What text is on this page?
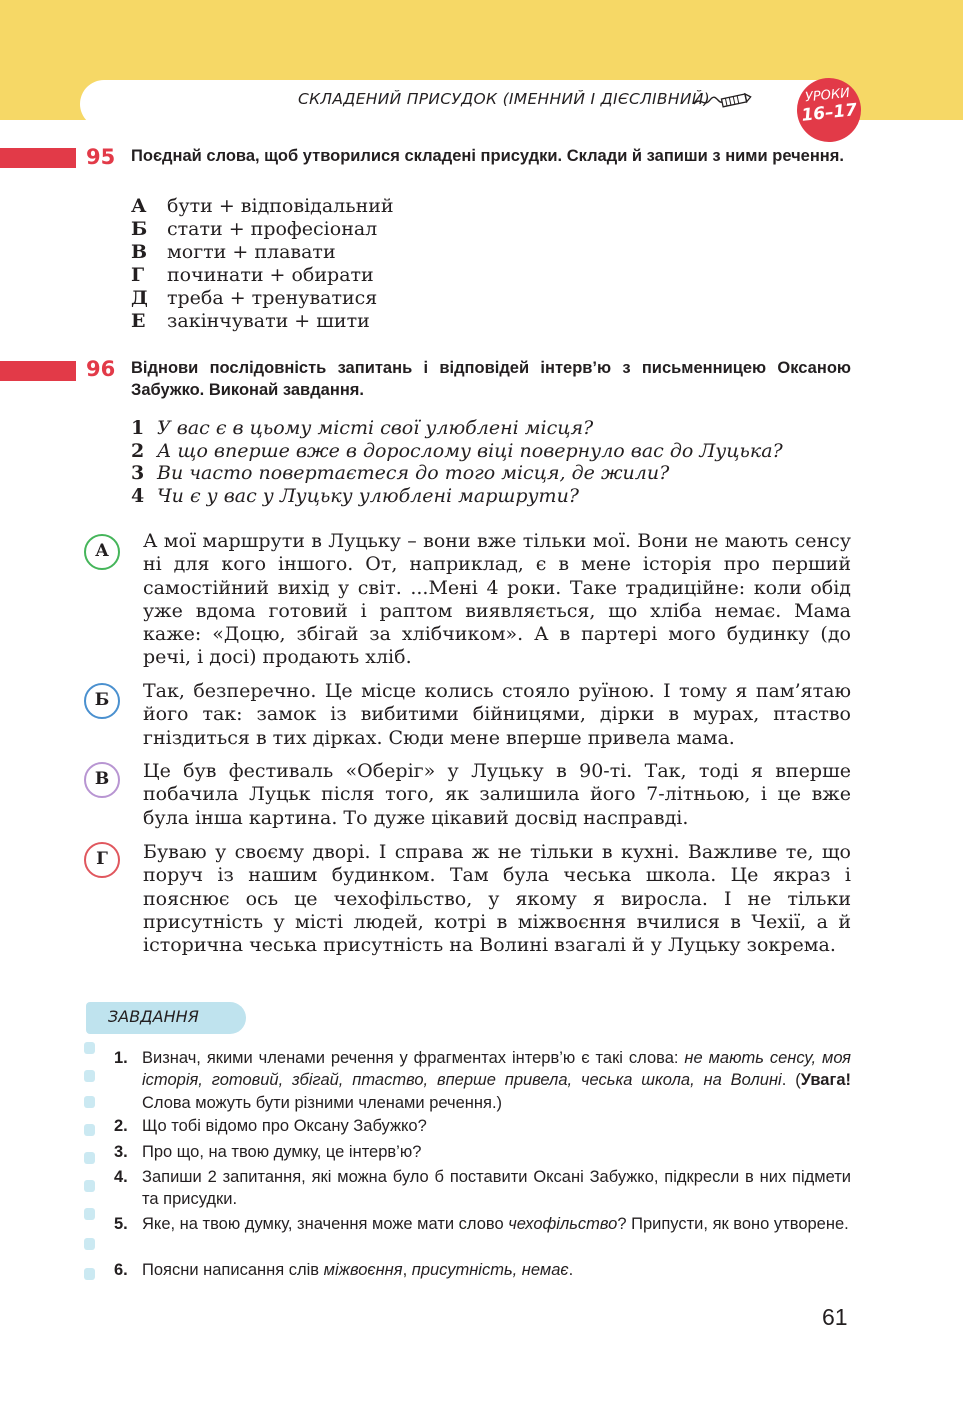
СКЛАДЕНИЙ ПРИСУДОК (ІМЕННИЙ І ДІЄСЛІВНИЙ)	УРОКИ
16–17
95 Поєднай слова, щоб утворилися складені присудки. Склади й запиши з ними речення.
А бути + відповідальний
Б стати + професіонал
В могти + плавати
Г починати + обирати
Д треба + тренуватися
Е закінчувати + шити
96 Віднови послідовність запитань і відповідей інтерв’ю з письменницею Оксаною Забужко. Виконай завдання.
1 У вас є в цьому місті свої улюблені місця?
2 А що вперше вже в дорослому віці повернуло вас до Луцька?
3 Ви часто повертаєтеся до того місця, де жили?
4 Чи є у вас у Луцьку улюблені маршрути?
А	А мої маршрути в Луцьку – вони вже тільки мої. Вони не мають сенсу ні для кого іншого. От, наприклад, є в мене історія про перший самостійний вихід у світ. ...Мені 4 роки. Таке традиційне: коли обід уже вдома готовий і раптом виявляється, що хліба немає. Мама каже: «Доцю, збігай за хлібчиком». А в партері мого будинку (до речі, і досі) продають хліб.
Б	Так, безперечно. Це місце колись стояло руїною. І тому я пам’ятаю його так: замок із вибитими бійницями, дірки в мурах, птаство гніздиться в тих дірках. Сюди мене вперше привела мама.
В	Це був фестиваль «Оберіг» у Луцьку в 90-ті. Так, тоді я вперше побачила Луцьк після того, як залишила його 7-літньою, і це вже була інша картина. То дуже цікавий досвід насправді.
Г	Буваю у своєму дворі. І справа ж не тільки в кухні. Важливе те, що поруч із нашим будинком. Там була чеська школа. Це якраз і пояснює ось це чехофільство, у якому я виросла. І не тільки присутність у місті людей, котрі в міжвоєння вчилися в Чехії, а й історична чеська присутність на Волині взагалі й у Луцьку зокрема.
ЗАВДАННЯ
1. Визнач, якими членами речення у фрагментах інтерв’ю є такі слова: не мають сенсу, моя історія, готовий, збігай, птаство, вперше привела, чеська школа, на Волині. (Увага! Слова можуть бути різними членами речення.)
2. Що тобі відомо про Оксану Забужко?
3. Про що, на твою думку, це інтерв’ю?
4. Запиши 2 запитання, які можна було б поставити Оксані Забужко, підкресли в них підмети та присудки.
5. Яке, на твою думку, значення може мати слово чехофільство? Припусти, як воно утворене.
6. Поясни написання слів міжвоєння, присутність, немає.
61
